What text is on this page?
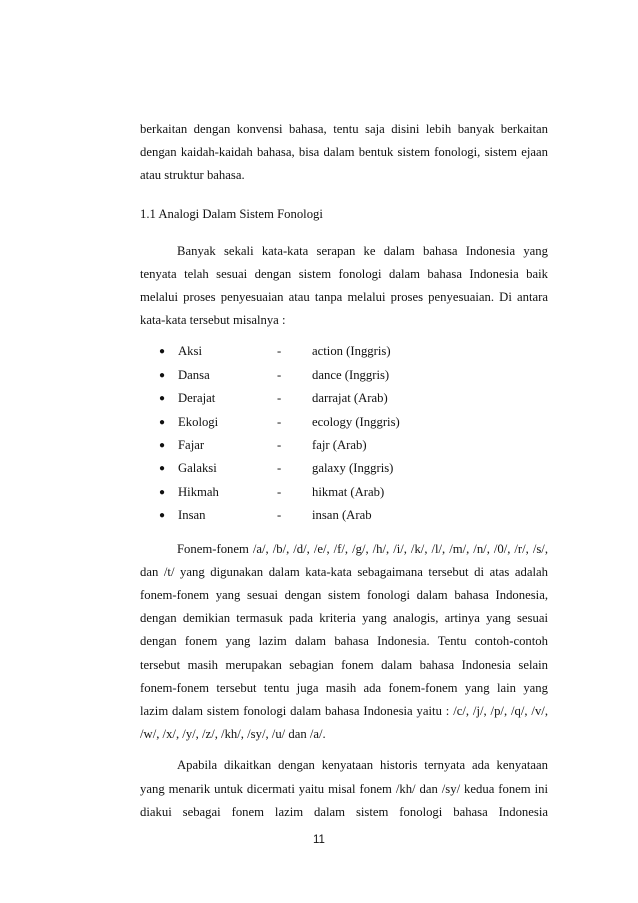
berkaitan dengan konvensi bahasa, tentu saja disini lebih banyak berkaitan
dengan kaidah-kaidah bahasa, bisa dalam bentuk sistem fonologi, sistem ejaan
atau struktur bahasa.

1.1 Analogi Dalam Sistem Fonologi

Banyak sekali kata-kata serapan ke dalam bahasa Indonesia yang
tenyata telah sesuai dengan sistem fonologi dalam bahasa Indonesia baik
melalui proses penyesuaian atau tanpa melalui proses penyesuaian. Di antara
kata-kata tersebut misalnya :

● Aksi	- action (Inggris)
● Dansa	- dance (Inggris)
● Derajat	- darrajat (Arab)
● Ekologi	- ecology (Inggris)
● Fajar	- fajr (Arab)
● Galaksi	- galaxy (Inggris)
● Hikmah	- hikmat (Arab)
● Insan	- insan (Arab

Fonem-fonem /a/, /b/, /d/, /e/, /f/, /g/, /h/, /i/, /k/, /l/, /m/, /n/, /0/, /r/, /s/,
dan /t/ yang digunakan dalam kata-kata sebagaimana tersebut di atas adalah
fonem-fonem yang sesuai dengan sistem fonologi dalam bahasa Indonesia,
dengan demikian termasuk pada kriteria yang analogis, artinya yang sesuai
dengan fonem yang lazim dalam bahasa Indonesia. Tentu contoh-contoh
tersebut masih merupakan sebagian fonem dalam bahasa Indonesia selain
fonem-fonem tersebut tentu juga masih ada fonem-fonem yang lain yang
lazim dalam sistem fonologi dalam bahasa Indonesia yaitu : /c/, /j/, /p/, /q/, /v/,
/w/, /x/, /y/, /z/, /kh/, /sy/, /u/ dan /a/.

Apabila dikaitkan dengan kenyataan historis ternyata ada kenyataan
yang menarik untuk dicermati yaitu misal fonem /kh/ dan /sy/ kedua fonem ini
diakui sebagai fonem lazim dalam sistem fonologi bahasa Indonesia

11
